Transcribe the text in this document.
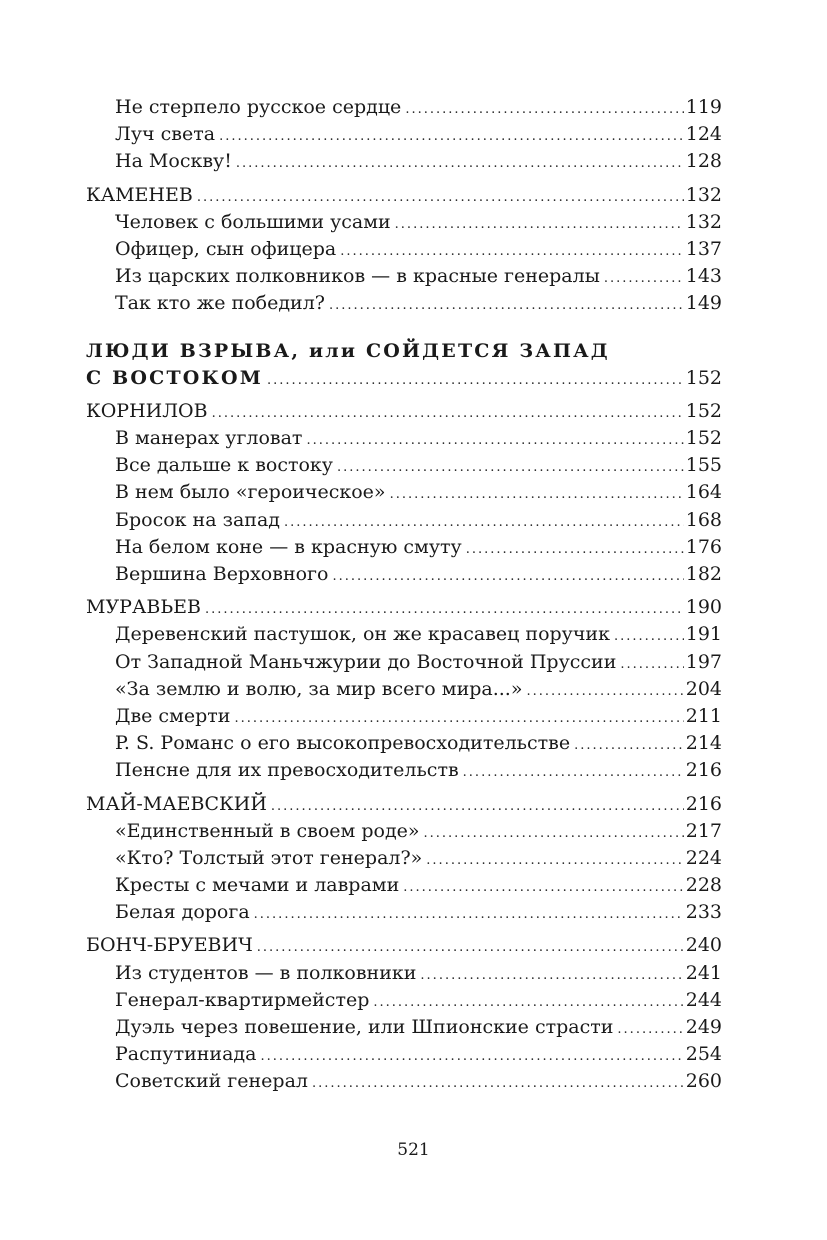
Не стерпело русское сердце .....	119
Луч света .....	124
На Москву! .....	128
КАМЕНЕВ .....	132
Человек с большими усами .....	132
Офицер, сын офицера .....	137
Из царских полковников — в красные генералы .....	143
Так кто же победил? .....	149
ЛЮДИ ВЗРЫВА, или СОЙДЕТСЯ ЗАПАД
С ВОСТОКОМ .....	152
КОРНИЛОВ .....	152
В манерах угловат .....	152
Все дальше к востоку .....	155
В нем было «героическое» .....	164
Бросок на запад .....	168
На белом коне — в красную смуту .....	176
Вершина Верховного .....	182
МУРАВЬЕВ .....	190
Деревенский пастушок, он же красавец поручик .....	191
От Западной Маньчжурии до Восточной Пруссии .....	197
«За землю и волю, за мир всего мира...» .....	204
Две смерти .....	211
P. S. Романс о его высокопревосходительстве .....	214
Пенсне для их превосходительств .....	216
МАЙ-МАЕВСКИЙ .....	216
«Единственный в своем роде» .....	217
«Кто? Толстый этот генерал?» .....	224
Кресты с мечами и лаврами .....	228
Белая дорога .....	233
БОНЧ-БРУЕВИЧ .....	240
Из студентов — в полковники .....	241
Генерал-квартирмейстер .....	244
Дуэль через повешение, или Шпионские страсти .....	249
Распутиниада .....	254
Советский генерал .....	260
521
